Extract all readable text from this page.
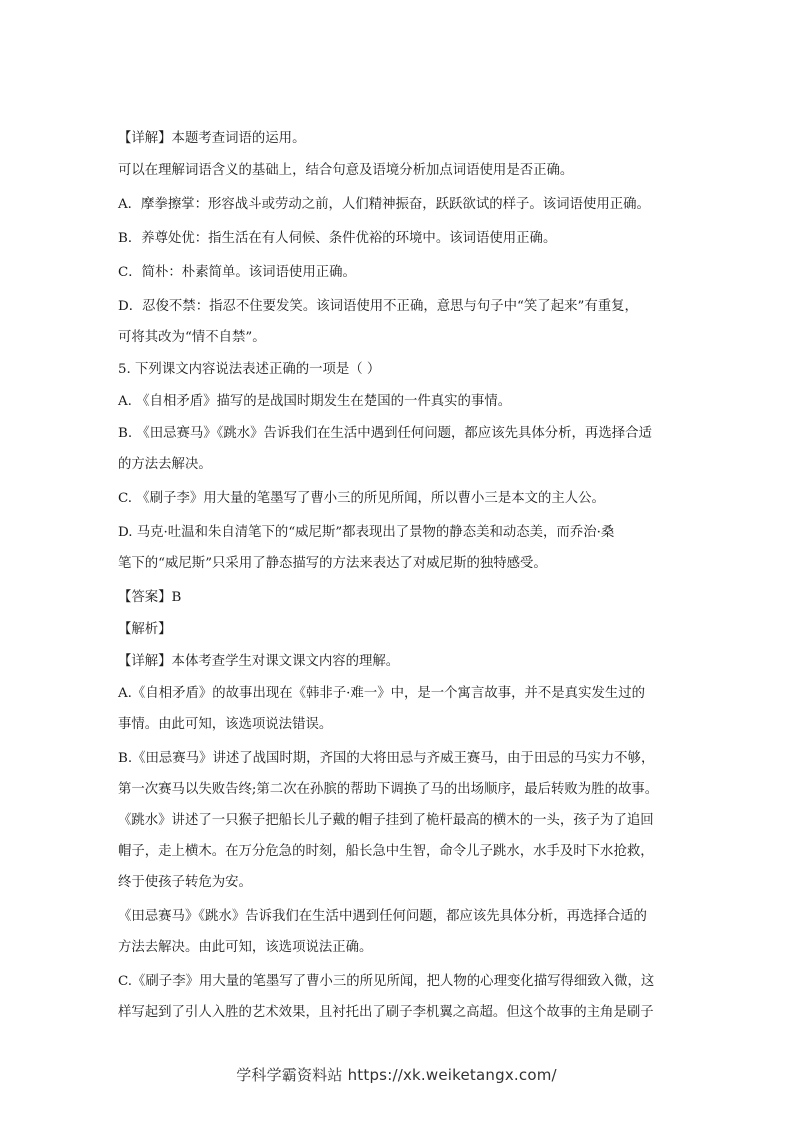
【详解】本题考查词语的运用。

可以在理解词语含义的基础上，结合句意及语境分析加点词语使用是否正确。

A．摩拳擦掌：形容战斗或劳动之前，人们精神振奋，跃跃欲试的样子。该词语使用正确。

B．养尊处优：指生活在有人伺候、条件优裕的环境中。该词语使用正确。

C．简朴：朴素简单。该词语使用正确。

D．忍俊不禁：指忍不住要发笑。该词语使用不正确，意思与句子中“笑了起来”有重复，

可将其改为“情不自禁”。

5. 下列课文内容说法表述正确的一项是（ ）

A. 《自相矛盾》描写的是战国时期发生在楚国的一件真实的事情。

B. 《田忌赛马》《跳水》告诉我们在生活中遇到任何问题，都应该先具体分析，再选择合适

的方法去解决。

C. 《刷子李》用大量的笔墨写了曹小三的所见所闻，所以曹小三是本文的主人公。

D. 马克·吐温和朱自清笔下的“威尼斯”都表现出了景物的静态美和动态美，而乔治·桑

笔下的“威尼斯”只采用了静态描写的方法来表达了对威尼斯的独特感受。

【答案】B

【解析】

【详解】本体考查学生对课文课文内容的理解。

A.《自相矛盾》的故事出现在《韩非子·难一》中，是一个寓言故事，并不是真实发生过的

事情。由此可知，该选项说法错误。

B.《田忌赛马》讲述了战国时期，齐国的大将田忌与齐威王赛马，由于田忌的马实力不够，

第一次赛马以失败告终;第二次在孙膑的帮助下调换了马的出场顺序，最后转败为胜的故事。

《跳水》讲述了一只猴子把船长儿子戴的帽子挂到了桅杆最高的横木的一头，孩子为了追回

帽子，走上横木。在万分危急的时刻，船长急中生智，命令儿子跳水，水手及时下水抢救，

终于使孩子转危为安。

《田忌赛马》《跳水》告诉我们在生活中遇到任何问题，都应该先具体分析，再选择合适的

方法去解决。由此可知，该选项说法正确。

C.《刷子李》用大量的笔墨写了曹小三的所见所闻，把人物的心理变化描写得细致入微，这

样写起到了引人入胜的艺术效果，且衬托出了刷子李机翼之高超。但这个故事的主角是刷子

学科学霸资料站 https://xk.weiketangx.com/
